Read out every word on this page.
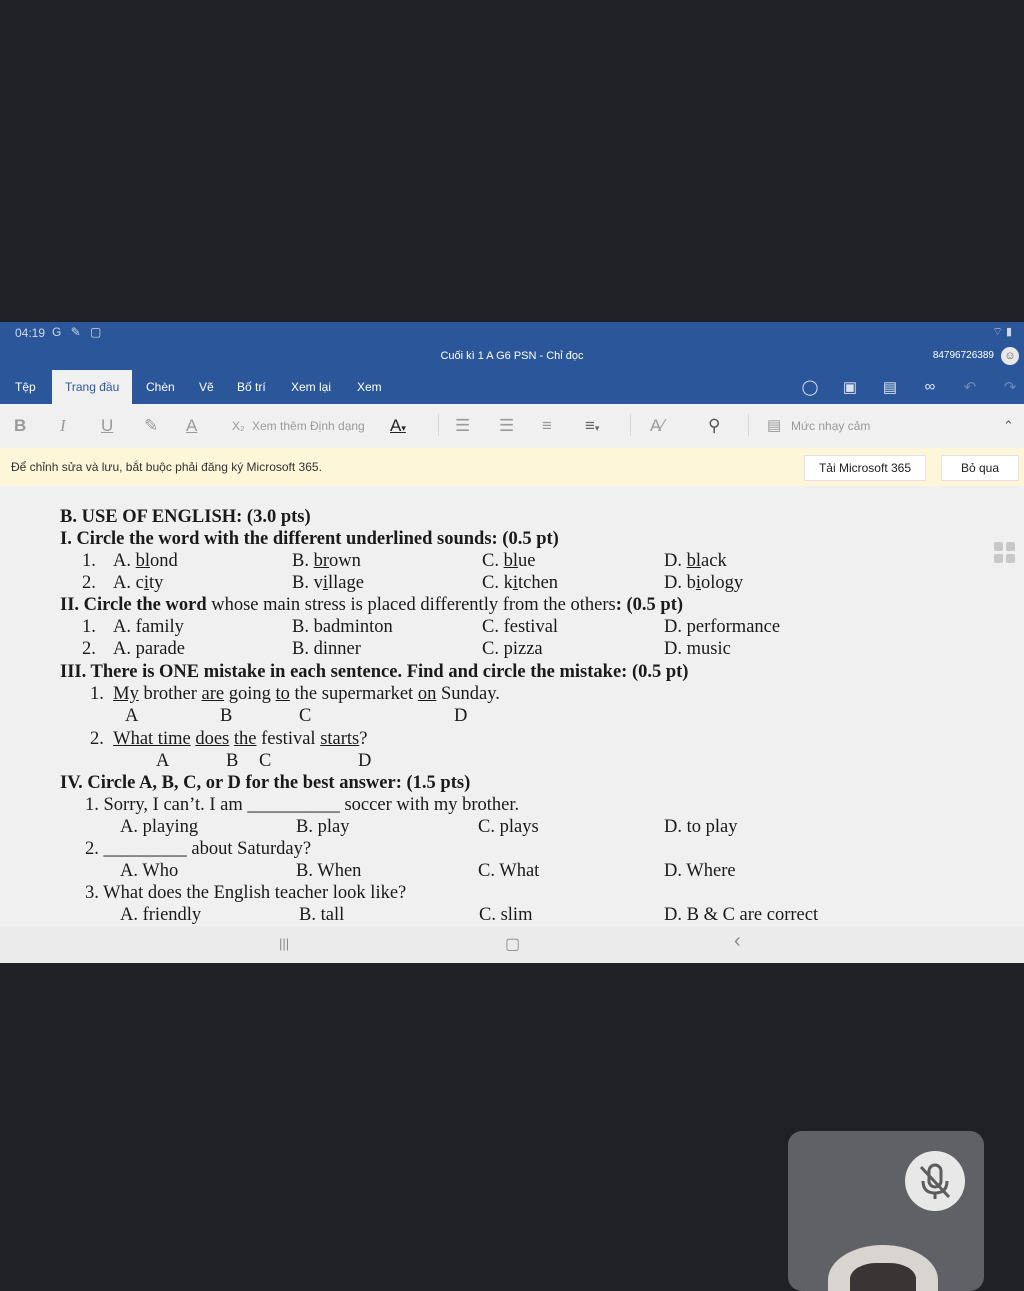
04:19 G ✎ ▢	⌔ ▮
Cuối kì 1 A G6 PSN - Chỉ đọc	84796726389 ☺
Tệp	Trang đầu	Chèn Vẽ Bố trí Xem lại Xem	◯ ▣ ▤	∞	↶ ↷
B I U ✎ A	X₂ Xem thêm Định dạng A▾	☰ ☰ ≡ ≡▾	A∕	⚲	▤ Mức nhạy cảm	⌃
Để chỉnh sửa và lưu, bắt buộc phải đăng ký Microsoft 365.	Tải Microsoft 365	Bỏ qua
B. USE OF ENGLISH: (3.0 pts)
I. Circle the word with the different underlined sounds: (0.5 pt)
1. A. blond	B. brown	C. blue	D. black
2. A. city	B. village	C. kitchen	D. biology
II. Circle the word whose main stress is placed differently from the others: (0.5 pt)
1. A. family	B. badminton	C. festival	D. performance
2. A. parade	B. dinner	C. pizza	D. music
III. There is ONE mistake in each sentence. Find and circle the mistake: (0.5 pt)
1. My brother are going to the supermarket on Sunday.
A	B	C	D
2. What time does the festival starts?
A	B C	D
IV. Circle A, B, C, or D for the best answer: (1.5 pts)
1. Sorry, I can’t. I am __________ soccer with my brother.
A. playing	B. play	C. plays	D. to play
2. _________ about Saturday?
A. Who	B. When	C. What	D. Where
3. What does the English teacher look like?
A. friendly	B. tall	C. slim	D. B & C are correct
|||	▢	‹
